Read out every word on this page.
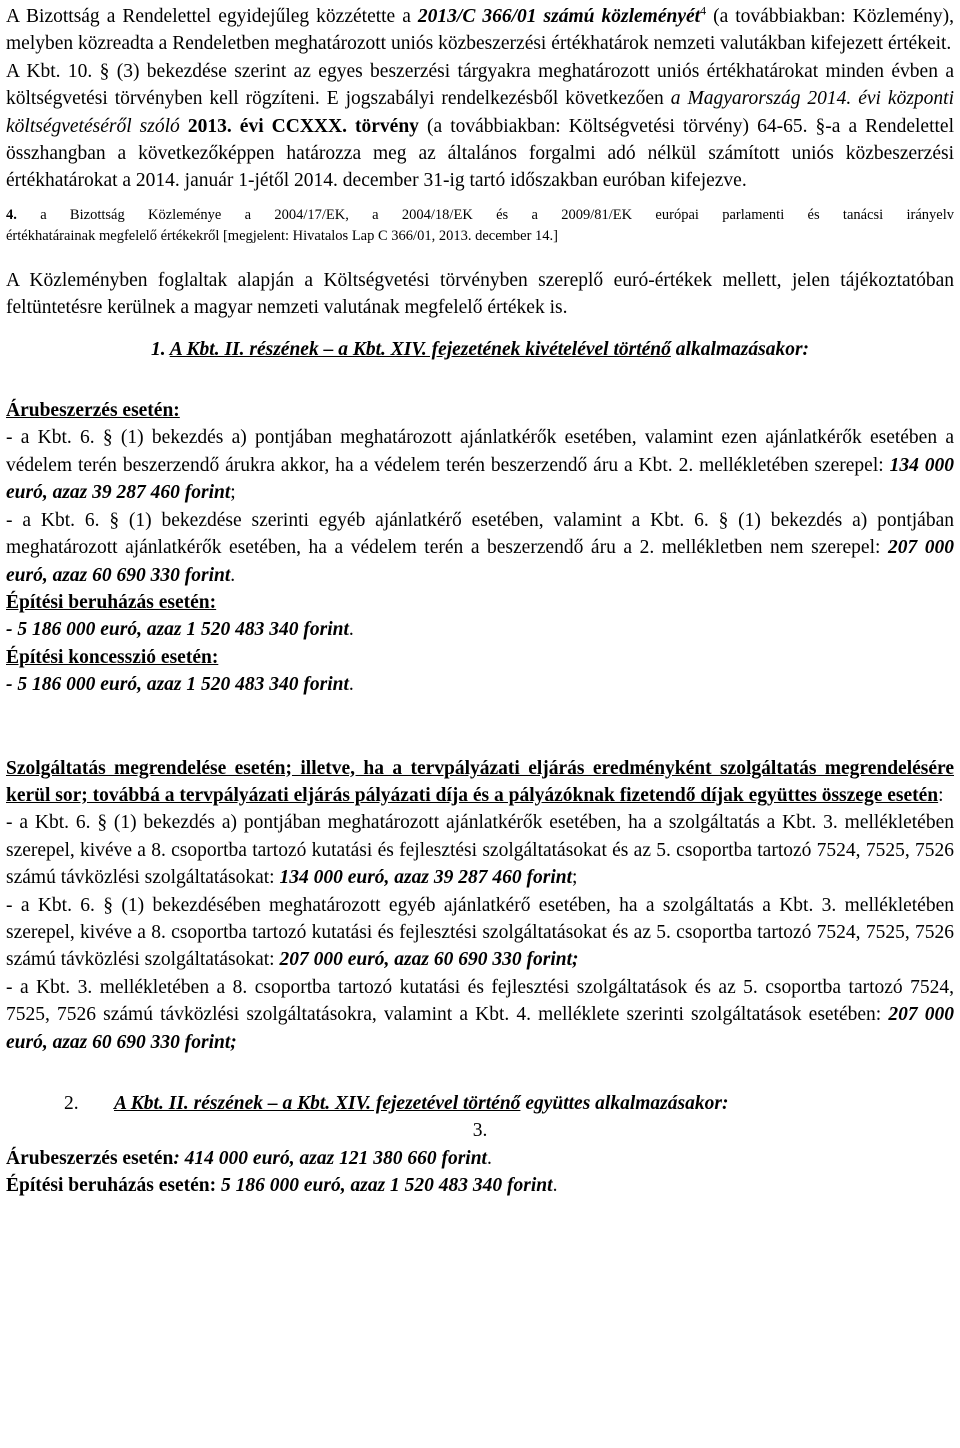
A Bizottság a Rendelettel egyidejűleg közzétette a 2013/C 366/01 számú közleményét$^4$ (a továbbiakban: Közlemény), melyben közreadta a Rendeletben meghatározott uniós közbeszerzési értékhatárok nemzeti valutákban kifejezett értékeit.

A Kbt. 10. § (3) bekezdése szerint az egyes beszerzési tárgyakra meghatározott uniós értékhatárokat minden évben a költségvetési törvényben kell rögzíteni. E jogszabályi rendelkezésből következően a Magyarország 2014. évi központi költségvetéséről szóló 2013. évi CCXXX. törvény (a továbbiakban: Költségvetési törvény) 64-65. §-a a Rendelettel összhangban a következőképpen határozza meg az általános forgalmi adó nélkül számított uniós közbeszerzési értékhatárokat a 2014. január 1-jétől 2014. december 31-ig tartó időszakban euróban kifejezve.

4. a Bizottság Közleménye a 2004/17/EK, a 2004/18/EK és a 2009/81/EK európai parlamenti és tanácsi irányelv
értékhatárainak megfelelő értékekről [megjelent: Hivatalos Lap C 366/01, 2013. december 14.]

A Közleményben foglaltak alapján a Költségvetési törvényben szereplő euró-értékek mellett, jelen tájékoztatóban feltüntetésre kerülnek a magyar nemzeti valutának megfelelő értékek is.

1. A Kbt. II. részének – a Kbt. XIV. fejezetének kivételével történő alkalmazásakor:

Árubeszerzés esetén:

- a Kbt. 6. § (1) bekezdés a) pontjában meghatározott ajánlatkérők esetében, valamint ezen ajánlatkérők esetében a védelem terén beszerzendő árukra akkor, ha a védelem terén beszerzendő áru a Kbt. 2. mellékletében szerepel: 134 000 euró, azaz 39 287 460 forint;

- a Kbt. 6. § (1) bekezdése szerinti egyéb ajánlatkérő esetében, valamint a Kbt. 6. § (1) bekezdés a) pontjában meghatározott ajánlatkérők esetében, ha a védelem terén a beszerzendő áru a 2. mellékletben nem szerepel: 207 000 euró, azaz 60 690 330 forint.

Építési beruházás esetén:

- 5 186 000 euró, azaz 1 520 483 340 forint.

Építési koncesszió esetén:

- 5 186 000 euró, azaz 1 520 483 340 forint.

Szolgáltatás megrendelése esetén; illetve, ha a tervpályázati eljárás eredményként szolgáltatás megrendelésére kerül sor; továbbá a tervpályázati eljárás pályázati díja és a pályázóknak fizetendő díjak együttes összege esetén:

- a Kbt. 6. § (1) bekezdés a) pontjában meghatározott ajánlatkérők esetében, ha a szolgáltatás a Kbt. 3. mellékletében szerepel, kivéve a 8. csoportba tartozó kutatási és fejlesztési szolgáltatásokat és az 5. csoportba tartozó 7524, 7525, 7526 számú távközlési szolgáltatásokat: 134 000 euró, azaz 39 287 460 forint;

- a Kbt. 6. § (1) bekezdésében meghatározott egyéb ajánlatkérő esetében, ha a szolgáltatás a Kbt. 3. mellékletében szerepel, kivéve a 8. csoportba tartozó kutatási és fejlesztési szolgáltatásokat és az 5. csoportba tartozó 7524, 7525, 7526 számú távközlési szolgáltatásokat: 207 000 euró, azaz 60 690 330 forint;

- a Kbt. 3. mellékletében a 8. csoportba tartozó kutatási és fejlesztési szolgáltatások és az 5. csoportba tartozó 7524, 7525, 7526 számú távközlési szolgáltatásokra, valamint a Kbt. 4. melléklete szerinti szolgáltatások esetében: 207 000 euró, azaz 60 690 330 forint;

2. A Kbt. II. részének – a Kbt. XIV. fejezetével történő együttes alkalmazásakor:

3.

Árubeszerzés esetén: 414 000 euró, azaz 121 380 660 forint.

Építési beruházás esetén: 5 186 000 euró, azaz 1 520 483 340 forint.
